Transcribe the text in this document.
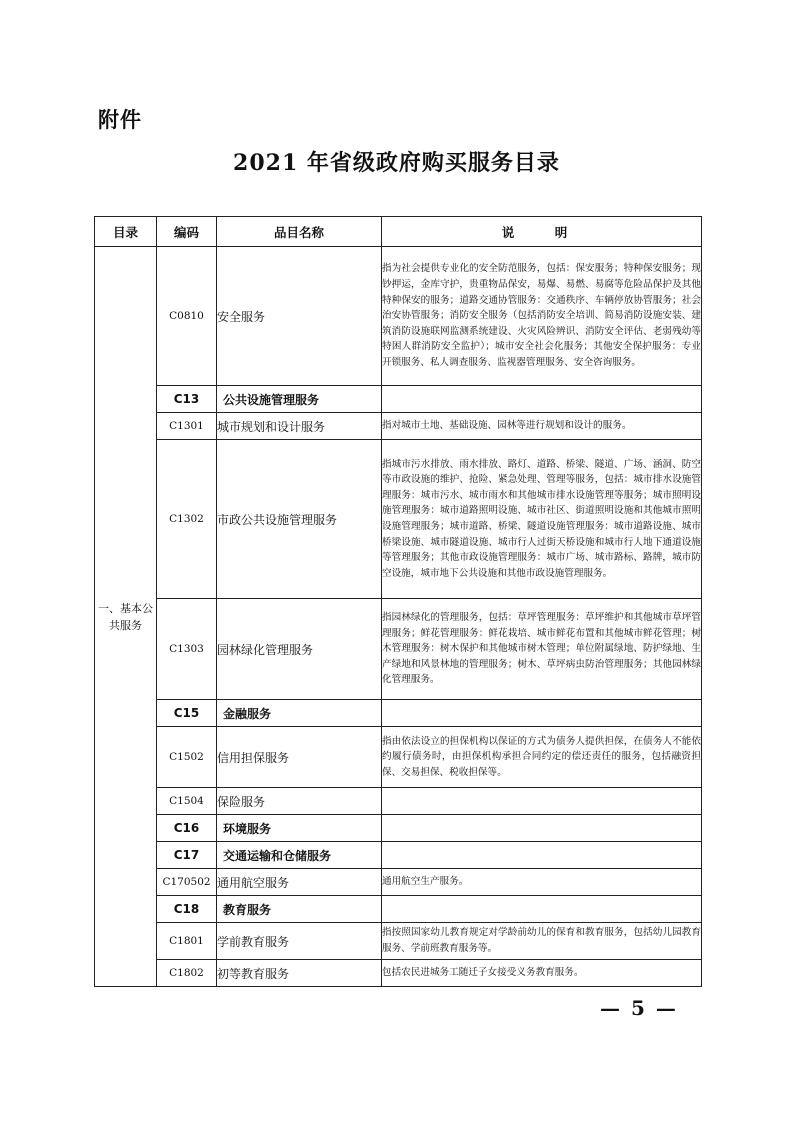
附件
2021 年省级政府购买服务目录
目录	编码	品目名称	说　明
一、基本公共服务	C0810	安全服务	指为社会提供专业化的安全防范服务，包括：保安服务；特种保安服务；现钞押运，金库守护，贵重物品保安，易爆、易燃、易腐等危险品保护及其他特种保安的服务；道路交通协管服务：交通秩序、车辆停放协管服务；社会治安协管服务；消防安全服务（包括消防安全培训、简易消防设施安装、建筑消防设施联网监测系统建设、火灾风险辨识、消防安全评估、老弱残幼等特困人群消防安全监护）；城市安全社会化服务；其他安全保护服务：专业开锁服务、私人调查服务、监视器管理服务、安全咨询服务。
	C13	公共设施管理服务	
	C1301	城市规划和设计服务	指对城市土地、基础设施、园林等进行规划和设计的服务。
	C1302	市政公共设施管理服务	指城市污水排放、雨水排放、路灯、道路、桥梁、隧道、广场、涵洞、防空等市政设施的维护、抢险、紧急处理、管理等服务，包括：城市排水设施管理服务：城市污水、城市雨水和其他城市排水设施管理等服务；城市照明设施管理服务：城市道路照明设施、城市社区、街道照明设施和其他城市照明设施管理服务；城市道路、桥梁、隧道设施管理服务：城市道路设施、城市桥梁设施、城市隧道设施、城市行人过街天桥设施和城市行人地下通道设施等管理服务；其他市政设施管理服务：城市广场、城市路标、路牌，城市防空设施，城市地下公共设施和其他市政设施管理服务。
	C1303	园林绿化管理服务	指园林绿化的管理服务，包括：草坪管理服务：草坪维护和其他城市草坪管理服务；鲜花管理服务：鲜花栽培、城市鲜花布置和其他城市鲜花管理；树木管理服务：树木保护和其他城市树木管理；单位附属绿地、防护绿地、生产绿地和风景林地的管理服务；树木、草坪病虫防治管理服务；其他园林绿化管理服务。
	C15	金融服务	
	C1502	信用担保服务	指由依法设立的担保机构以保证的方式为债务人提供担保，在债务人不能依约履行债务时，由担保机构承担合同约定的偿还责任的服务，包括融资担保、交易担保、税收担保等。
	C1504	保险服务	
	C16	环境服务	
	C17	交通运输和仓储服务	
	C170502	通用航空服务	通用航空生产服务。
	C18	教育服务	
	C1801	学前教育服务	指按照国家幼儿教育规定对学龄前幼儿的保育和教育服务，包括幼儿园教育服务、学前班教育服务等。
	C1802	初等教育服务	包括农民进城务工随迁子女接受义务教育服务。
— 5 —
